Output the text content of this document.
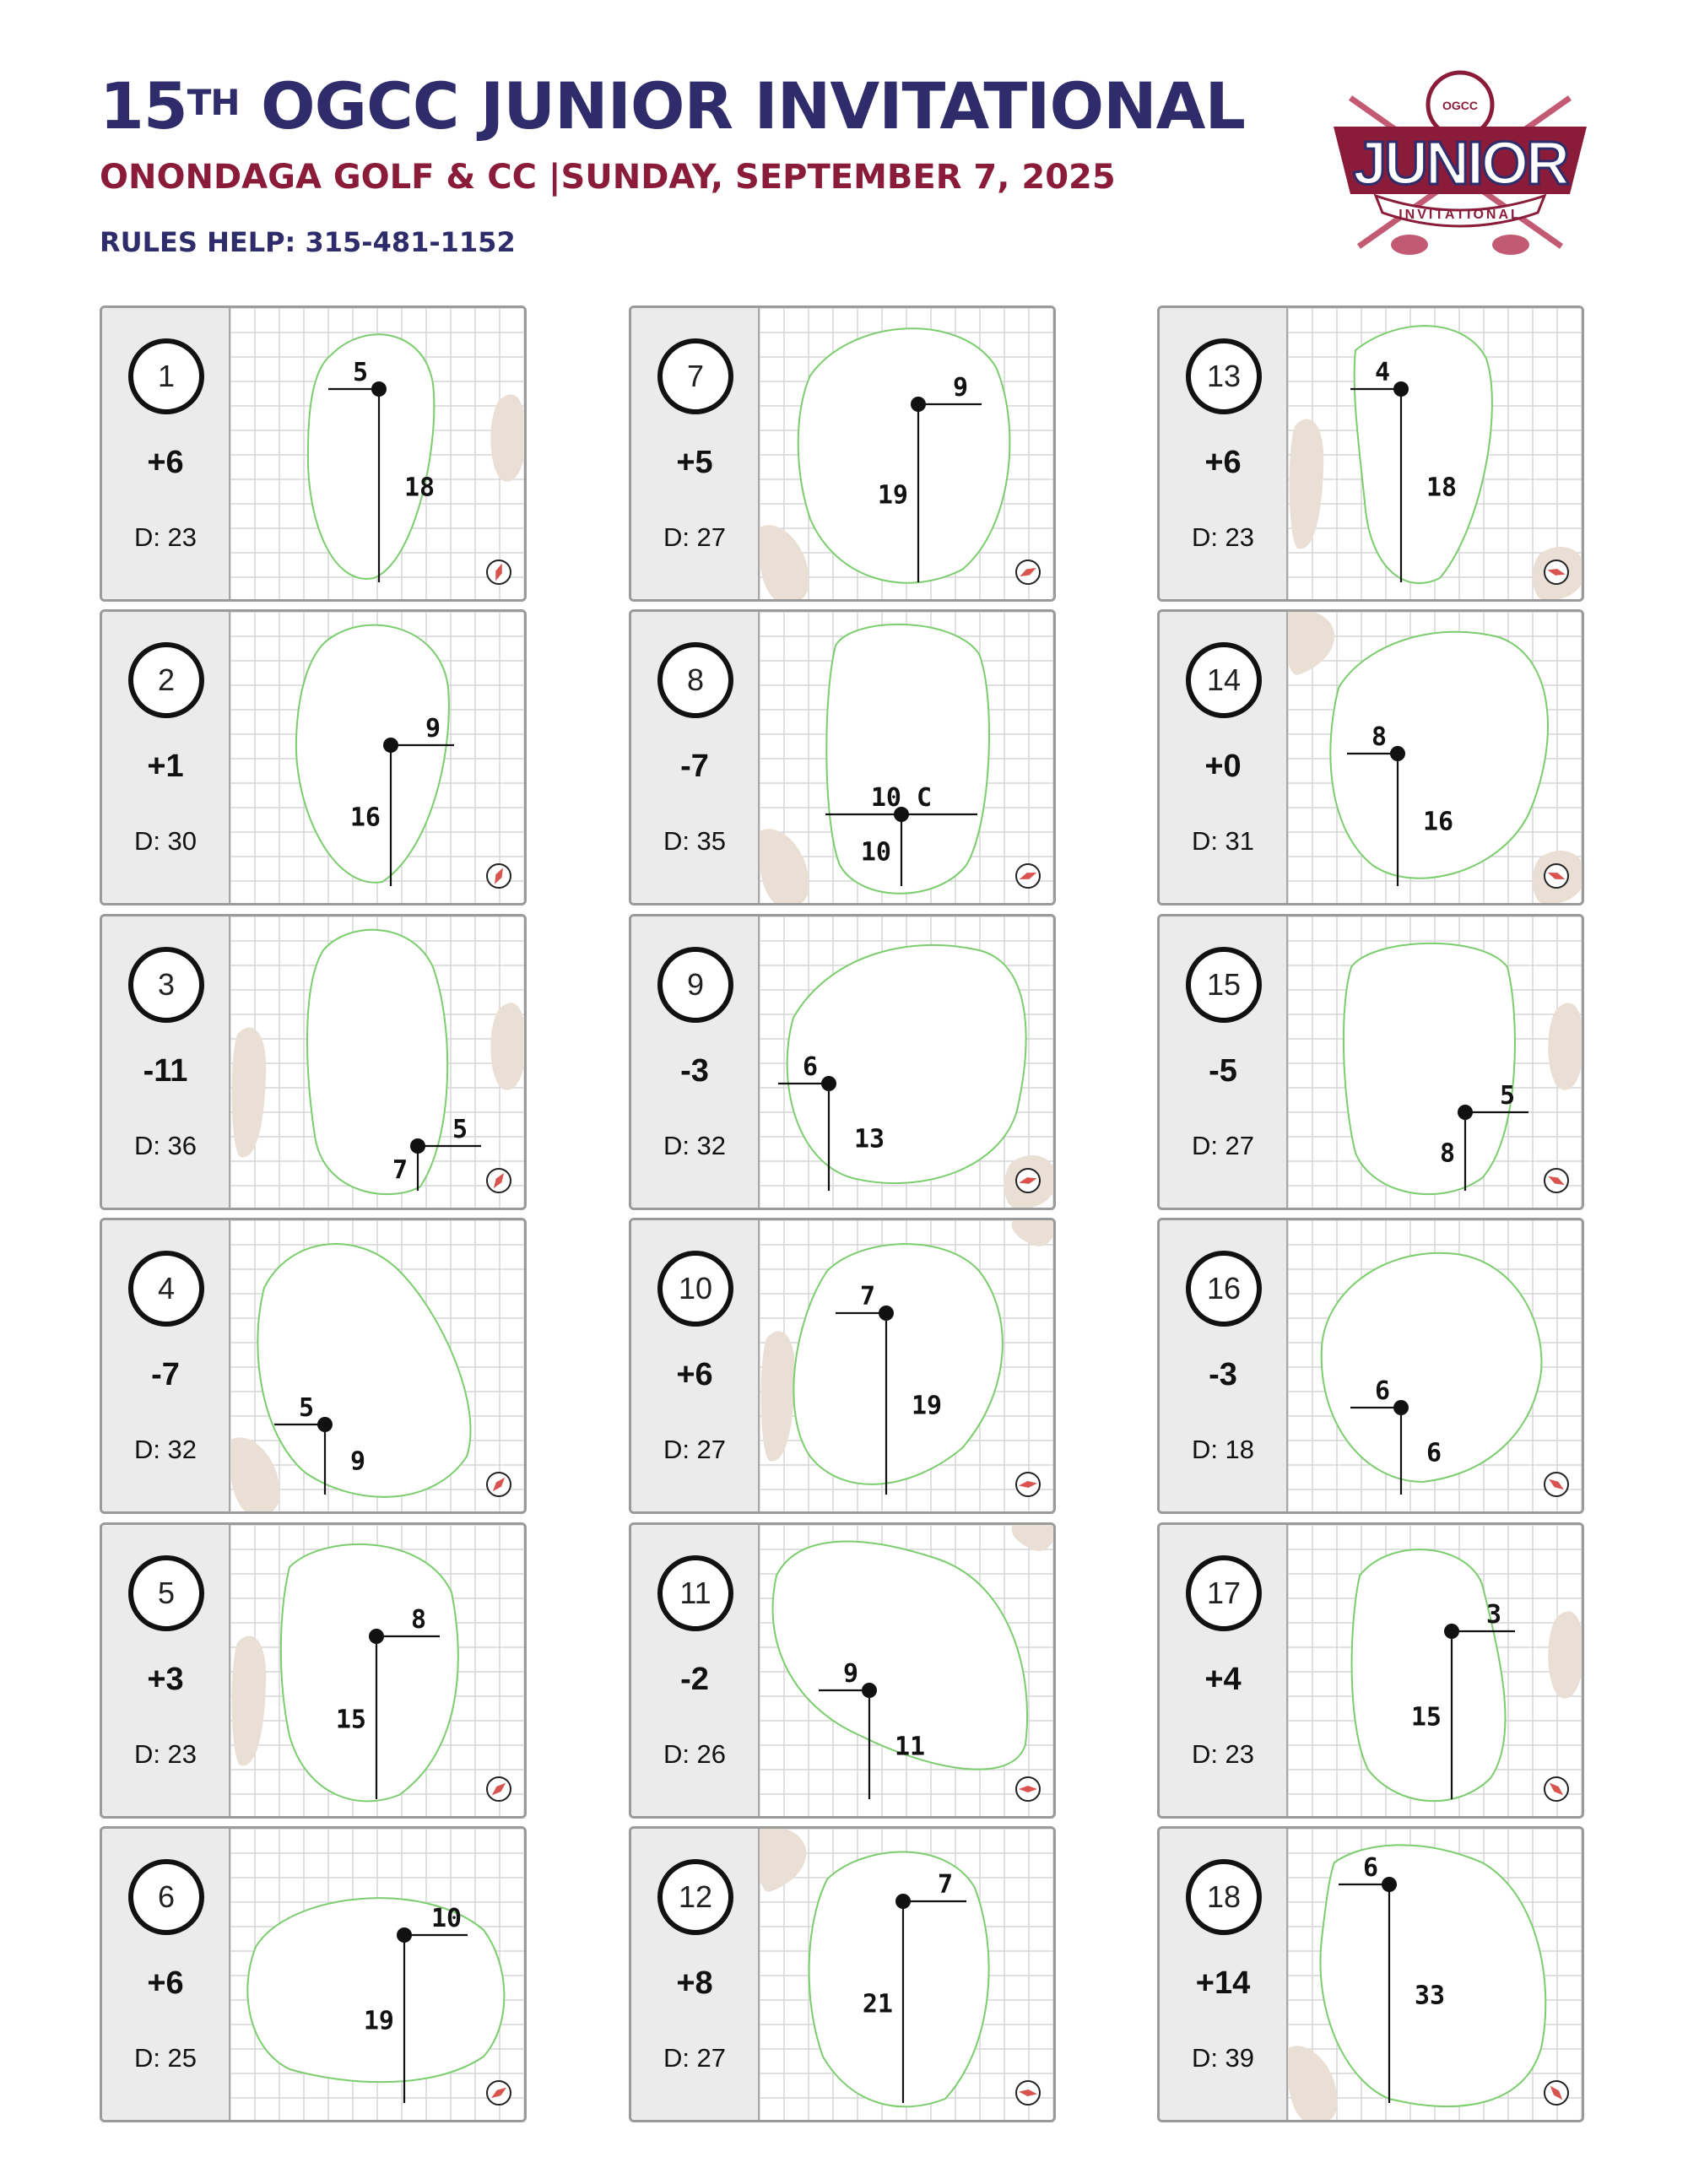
15TH OGCC JUNIOR INVITATIONAL
ONONDAGA GOLF & CC |SUNDAY, SEPTEMBER 7, 2025
RULES HELP: 315-481-1152
OGCC
JUNIOR
INVITATIONAL
1
+6
D: 23
5
18
2
+1
D: 30
9
16
3
-11
D: 36
5
7
4
-7
D: 32
5
9
5
+3
D: 23
8
15
6
+6
D: 25
10
19
7
+5
D: 27
9
19
8
-7
D: 35
10 C
10
9
-3
D: 32
6
13
10
+6
D: 27
7
19
11
-2
D: 26
9
11
12
+8
D: 27
7
21
13
+6
D: 23
4
18
14
+0
D: 31
8
16
15
-5
D: 27
5
8
16
-3
D: 18
6
6
17
+4
D: 23
3
15
18
+14
D: 39
6
33
